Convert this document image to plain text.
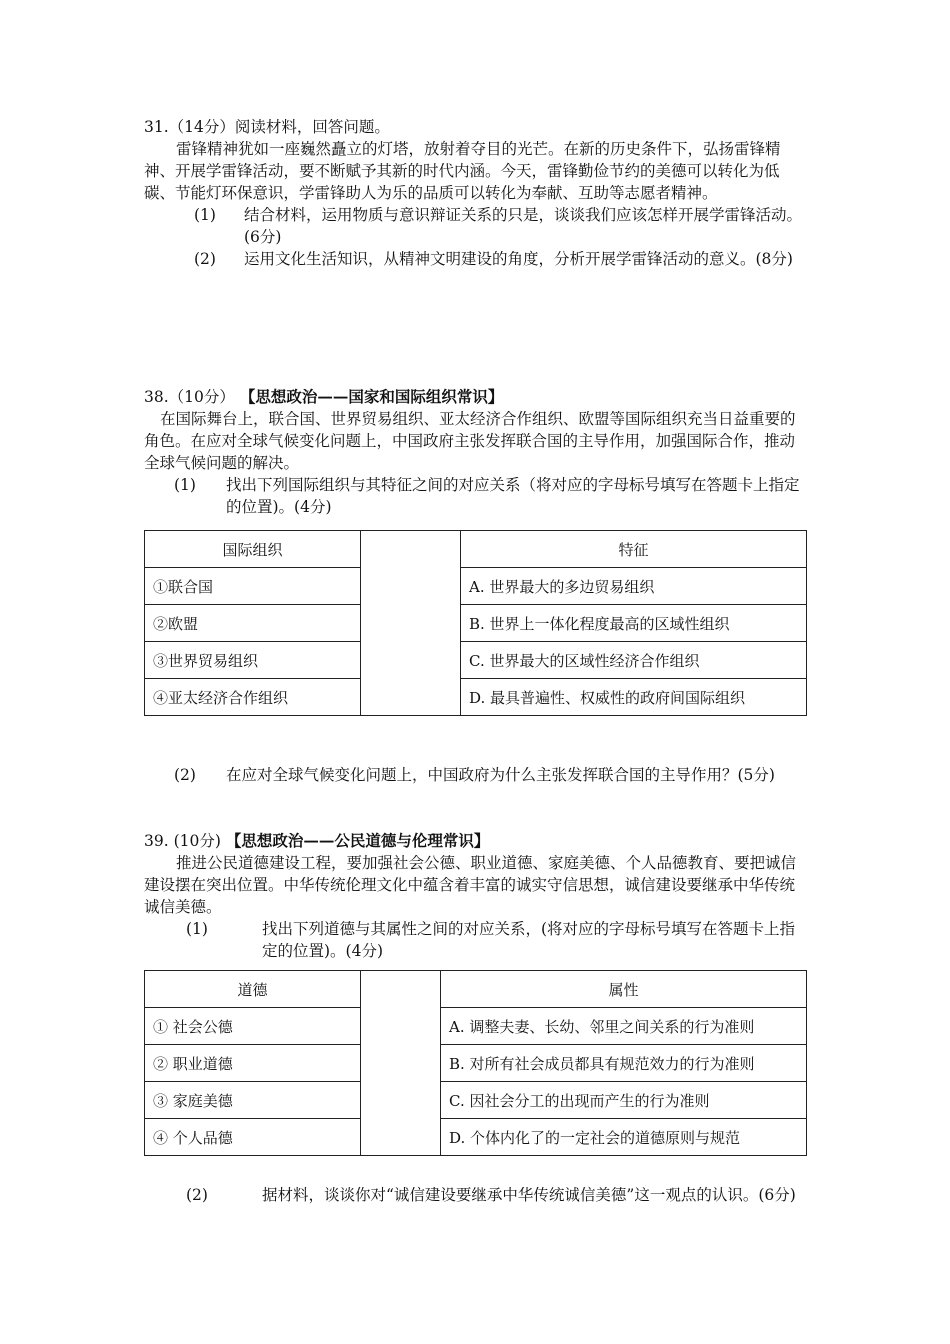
31.（14分）阅读材料，回答问题。

雷锋精神犹如一座巍然矗立的灯塔，放射着夺目的光芒。在新的历史条件下，弘扬雷锋精神、开展学雷锋活动，要不断赋予其新的时代内涵。今天，雷锋勤俭节约的美德可以转化为低碳、节能灯环保意识，学雷锋助人为乐的品质可以转化为奉献、互助等志愿者精神。

(1) 结合材料，运用物质与意识辩证关系的只是，谈谈我们应该怎样开展学雷锋活动。(6分)
(2) 运用文化生活知识，从精神文明建设的角度，分析开展学雷锋活动的意义。(8分)

38.（10分） 【思想政治——国家和国际组织常识】

在国际舞台上，联合国、世界贸易组织、亚太经济合作组织、欧盟等国际组织充当日益重要的角色。在应对全球气候变化问题上，中国政府主张发挥联合国的主导作用，加强国际合作，推动全球气候问题的解决。

(1) 找出下列国际组织与其特征之间的对应关系（将对应的字母标号填写在答题卡上指定的位置)。(4分)
国际组织		特征
①联合国		A. 世界最大的多边贸易组织
②欧盟		B. 世界上一体化程度最高的区域性组织
③世界贸易组织		C. 世界最大的区域性经济合作组织
④亚太经济合作组织		D. 最具普遍性、权威性的政府间国际组织
(2) 在应对全球气候变化问题上，中国政府为什么主张发挥联合国的主导作用？(5分)

39. (10分) 【思想政治——公民道德与伦理常识】

推进公民道德建设工程，要加强社会公德、职业道德、家庭美德、个人品德教育、要把诚信建设摆在突出位置。中华传统伦理文化中蕴含着丰富的诚实守信思想，诚信建设要继承中华传统诚信美德。

(1)	找出下列道德与其属性之间的对应关系，(将对应的字母标号填写在答题卡上指定的位置)。(4分)
道德		属性
① 社会公德		A. 调整夫妻、长幼、邻里之间关系的行为准则
② 职业道德		B. 对所有社会成员都具有规范效力的行为准则
③ 家庭美德		C. 因社会分工的出现而产生的行为准则
④ 个人品德		D. 个体内化了的一定社会的道德原则与规范
(2)	据材料，谈谈你对“诚信建设要继承中华传统诚信美德”这一观点的认识。(6分)
